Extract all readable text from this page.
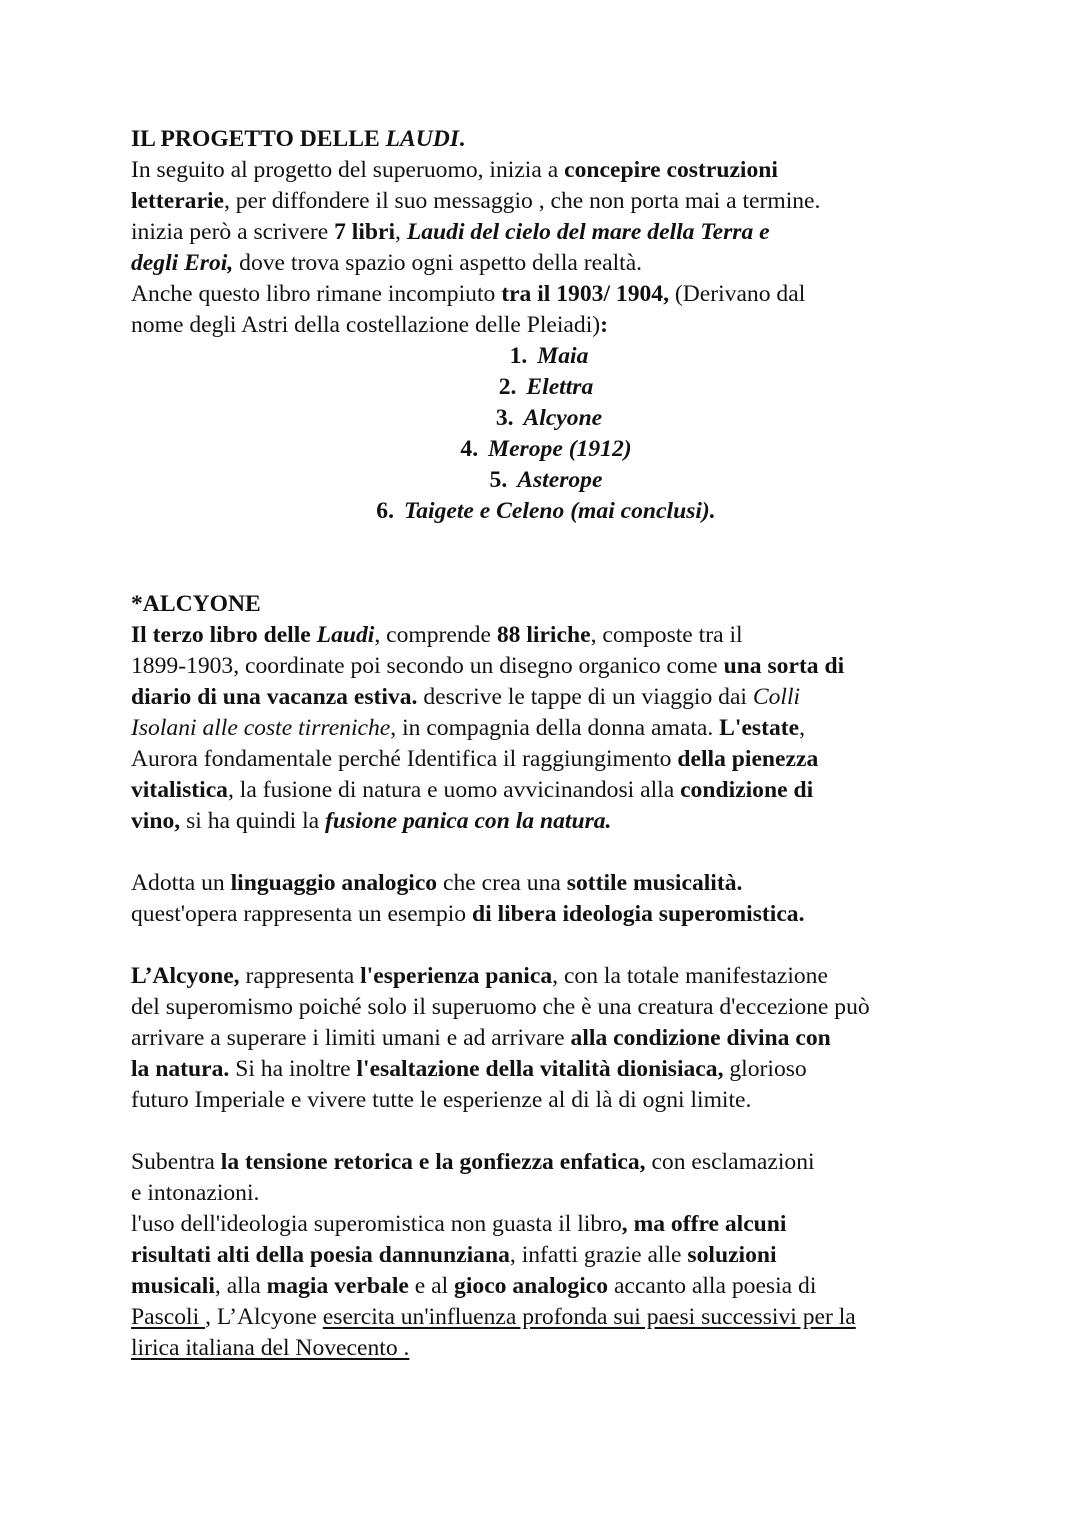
IL PROGETTO DELLE LAUDI.
In seguito al progetto del superuomo, inizia a concepire costruzioni
letterarie, per diffondere il suo messaggio , che non porta mai a termine.
inizia però a scrivere 7 libri, Laudi del cielo del mare della Terra e
degli Eroi, dove trova spazio ogni aspetto della realtà.
Anche questo libro rimane incompiuto tra il 1903/ 1904, (Derivano dal
nome degli Astri della costellazione delle Pleiadi):
1. Maia
2. Elettra
3. Alcyone
4. Merope (1912)
5. Asterope
6. Taigete e Celeno (mai conclusi).
*ALCYONE
Il terzo libro delle Laudi, comprende 88 liriche, composte tra il
1899-1903, coordinate poi secondo un disegno organico come una sorta di
diario di una vacanza estiva. descrive le tappe di un viaggio dai Colli
Isolani alle coste tirreniche, in compagnia della donna amata. L'estate,
Aurora fondamentale perché Identifica il raggiungimento della pienezza
vitalistica, la fusione di natura e uomo avvicinandosi alla condizione di
vino, si ha quindi la fusione panica con la natura.
Adotta un linguaggio analogico che crea una sottile musicalità.
quest'opera rappresenta un esempio di libera ideologia superomistica.
L’Alcyone, rappresenta l'esperienza panica, con la totale manifestazione
del superomismo poiché solo il superuomo che è una creatura d'eccezione può
arrivare a superare i limiti umani e ad arrivare alla condizione divina con
la natura. Si ha inoltre l'esaltazione della vitalità dionisiaca, glorioso
futuro Imperiale e vivere tutte le esperienze al di là di ogni limite.
Subentra la tensione retorica e la gonfiezza enfatica, con esclamazioni
e intonazioni.
l'uso dell'ideologia superomistica non guasta il libro, ma offre alcuni
risultati alti della poesia dannunziana, infatti grazie alle soluzioni
musicali, alla magia verbale e al gioco analogico accanto alla poesia di
Pascoli , L’Alcyone esercita un'influenza profonda sui paesi successivi per la
lirica italiana del Novecento .
